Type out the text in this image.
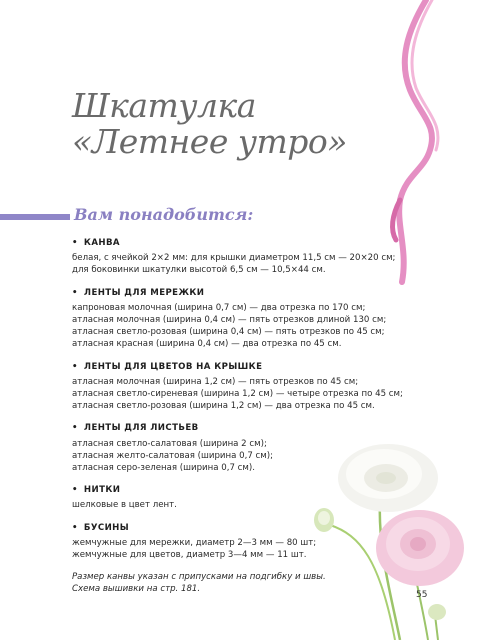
Шкатулка
«Летнее утро»
Вам понадобится:
• КАНВА
белая, с ячейкой 2×2 мм: для крышки диаметром 11,5 см — 20×20 см;
для боковинки шкатулки высотой 6,5 см — 10,5×44 см.
• ЛЕНТЫ ДЛЯ МЕРЕЖКИ
капроновая молочная (ширина 0,7 см) — два отрезка по 170 см;
атласная молочная (ширина 0,4 см) — пять отрезков длиной 130 см;
атласная светло-розовая (ширина 0,4 см) — пять отрезков по 45 см;
атласная красная (ширина 0,4 см) — два отрезка по 45 см.
• ЛЕНТЫ ДЛЯ ЦВЕТОВ НА КРЫШКЕ
атласная молочная (ширина 1,2 см) — пять отрезков по 45 см;
атласная светло-сиреневая (ширина 1,2 см) — четыре отрезка по 45 см;
атласная светло-розовая (ширина 1,2 см) — два отрезка по 45 см.
• ЛЕНТЫ ДЛЯ ЛИСТЬЕВ
атласная светло-салатовая (ширина 2 см);
атласная желто-салатовая (ширина 0,7 см);
атласная серо-зеленая (ширина 0,7 см).
• НИТКИ
шелковые в цвет лент.
• БУСИНЫ
жемчужные для мережки, диаметр 2—3 мм — 80 шт;
жемчужные для цветов, диаметр 3—4 мм — 11 шт.
Размер канвы указан с припусками на подгибку и швы.
Схема вышивки на стр. 181.
55
